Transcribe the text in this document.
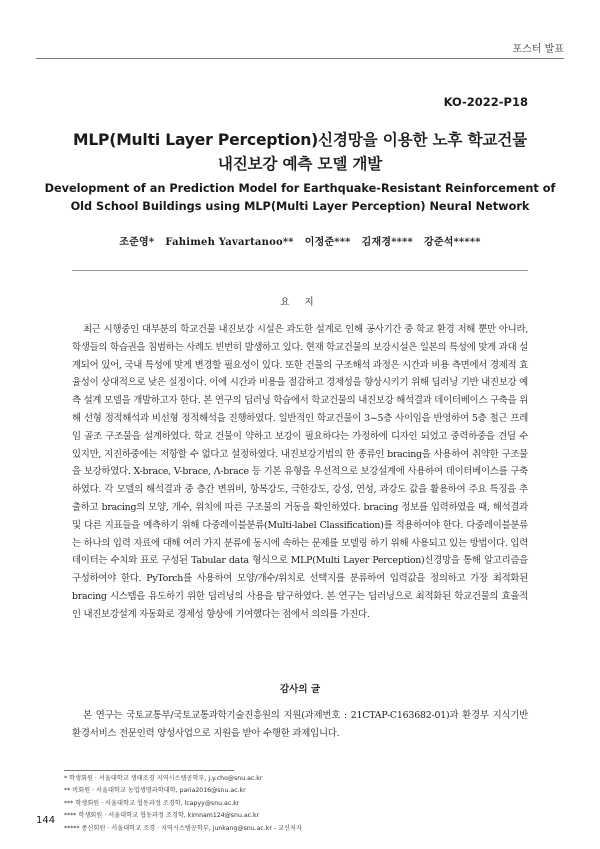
포스터 발표
KO-2022-P18
MLP(Multi Layer Perception)신경망을 이용한 노후 학교건물
내진보강 예측 모델 개발
Development of an Prediction Model for Earthquake-Resistant Reinforcement of
Old School Buildings using MLP(Multi Layer Perception) Neural Network
조준영*   Fahimeh Yavartanoo**   이정준***   김재경****   강준석*****
요 지
최근 시행중인 대부분의 학교건물 내진보강 시설은 과도한 설계로 인해 공사기간 중 학교 환경 저해 뿐만 아니라, 학생들의 학습권을 침범하는 사례도 빈번히 발생하고 있다. 현재 학교건물의 보강시설은 일본의 특성에 맞게 과대 설계되어 있어, 국내 특성에 맞게 변경할 필요성이 있다. 또한 건물의 구조해석 과정은 시간과 비용 측면에서 경제적 효율성이 상대적으로 낮은 실정이다. 이에 시간과 비용을 절감하고 경제성을 향상시키기 위해 딥러닝 기반 내진보강 예측 설계 모델을 개발하고자 한다. 본 연구의 딥러닝 학습에서 학교건물의 내진보강 해석결과 데이터베이스 구축을 위해 선형 정적해석과 비선형 정적해석을 진행하였다. 일반적인 학교건물이 3~5층 사이임을 반영하여 5층 철근 프레임 골조 구조물을 설계하였다. 학교 건물이 약하고 보강이 필요하다는 가정하에 디자인 되었고 중력하중을 견딜 수 있지만, 지진하중에는 저항할 수 없다고 설정하였다. 내진보강기법의 한 종류인 bracing을 사용하여 취약한 구조물을 보강하였다. X-brace, V-brace, Λ-brace 등 기본 유형을 우선적으로 보강설계에 사용하여 데이터베이스를 구축하였다. 각 모델의 해석결과 중 층간 변위비, 항복강도, 극한강도, 강성, 연성, 과강도 값을 활용하여 주요 특징을 추출하고 bracing의 모양, 개수, 위치에 따른 구조물의 거동을 확인하였다. bracing 정보를 입력하였을 때, 해석결과 및 다른 지표들을 예측하기 위해 다중레이블분류(Multi-label Classification)를 적용하여야 한다. 다중레이블분류는 하나의 입력 자료에 대해 여러 가지 분류에 동시에 속하는 문제를 모델링 하기 위해 사용되고 있는 방법이다. 입력 데이터는 수치와 표로 구성된 Tabular data 형식으로 MLP(Multi Layer Perception)신경망을 통해 알고리즘을 구성하여야 한다. PyTorch를 사용하여 모양/개수/위치로 선택지를 분류하여 입력값을 정의하고 가장 최적화된 bracing 시스템을 유도하기 위한 딥러닝의 사용을 탐구하였다. 본 연구는 딥러닝으로 최적화된 학교건물의 효율적인 내진보강설계 자동화로 경제성 향상에 기여했다는 점에서 의의를 가진다.
감사의 글
본 연구는 국토교통부/국토교통과학기술진흥원의 지원(과제번호 : 21CTAP-C163682-01)과 환경부 지식기반 환경서비스 전문인력 양성사업으로 지원을 받아 수행한 과제입니다.
* 학생회원 · 서울대학교 생태조경 지역시스템공학부, j.y.cho@snu.ac.kr
** 비회원 · 서울대학교 농업생명과학대학, paria2016@snu.ac.kr
*** 학생회원 · 서울대학교 협동과정 조경학, lcapyy@snu.ac.kr
**** 학생회원 · 서울대학교 협동과정 조경학, kimnam124@snu.ac.kr
***** 종신회원 · 서울대학교 조경 · 지역시스템공학부, junkang@snu.ac.kr - 교신저자
144
